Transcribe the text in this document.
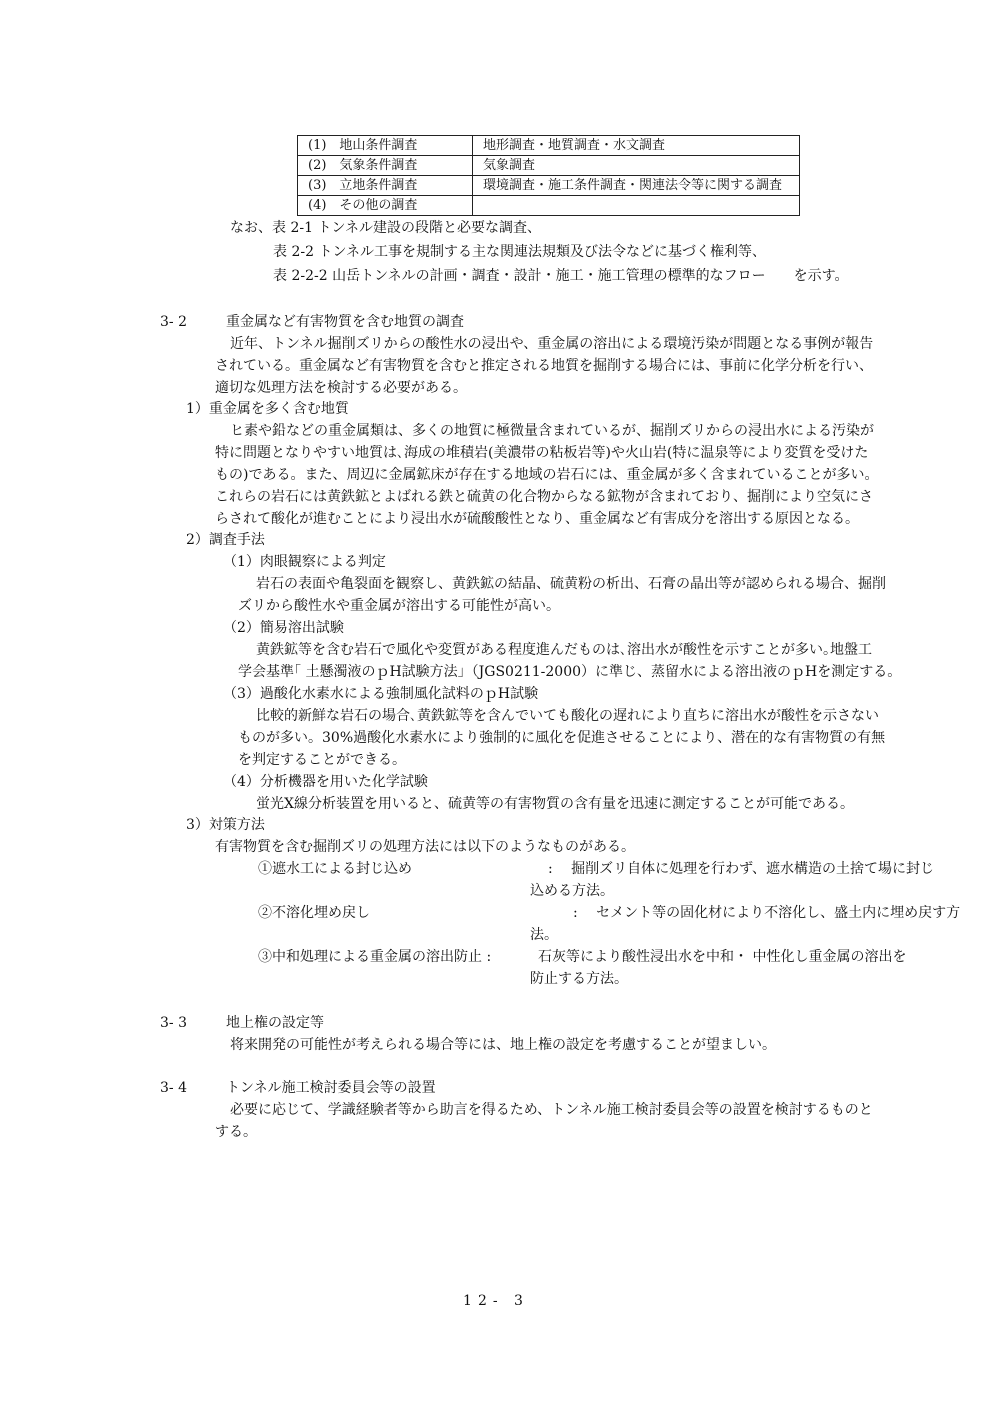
(1)　地山条件調査	地形調査・地質調査・水文調査
(2)　気象条件調査	気象調査
(3)　立地条件調査	環境調査・施工条件調査・関連法令等に関する調査
(4)　その他の調査	
なお、表 2-1 トンネル建設の段階と必要な調査、
表 2-2 トンネル工事を規制する主な関連法規類及び法令などに基づく権利等、
表 2-2-2 山岳トンネルの計画・調査・設計・施工・施工管理の標準的なフロー　　を示す。
3- 2	重金属など有害物質を含む地質の調査
近年、トンネル掘削ズリからの酸性水の浸出や、重金属の溶出による環境汚染が問題となる事例が報告
されている。重金属など有害物質を含むと推定される地質を掘削する場合には、事前に化学分析を行い、
適切な処理方法を検討する必要がある。
1）重金属を多く含む地質
ヒ素や鉛などの重金属類は、多くの地質に極微量含まれているが、掘削ズリからの浸出水による汚染が
特に問題となりやすい地質は､海成の堆積岩(美濃帯の粘板岩等)や火山岩(特に温泉等により変質を受けた
もの)である。また、周辺に金属鉱床が存在する地域の岩石には、重金属が多く含まれていることが多い。
これらの岩石には黄鉄鉱とよばれる鉄と硫黄の化合物からなる鉱物が含まれており、掘削により空気にさ
らされて酸化が進むことにより浸出水が硫酸酸性となり、重金属など有害成分を溶出する原因となる。
2）調査手法
（1）肉眼観察による判定
岩石の表面や亀裂面を観察し、黄鉄鉱の結晶、硫黄粉の析出、石膏の晶出等が認められる場合、掘削
ズリから酸性水や重金属が溶出する可能性が高い。
（2）簡易溶出試験
黄鉄鉱等を含む岩石で風化や変質がある程度進んだものは､溶出水が酸性を示すことが多い｡地盤工
学会基準｢ 土懸濁液のｐH試験方法｣（JGS0211-2000）に準じ、蒸留水による溶出液のｐHを測定する。
（3）過酸化水素水による強制風化試料のｐH試験
比較的新鮮な岩石の場合､黄鉄鉱等を含んでいても酸化の遅れにより直ちに溶出水が酸性を示さない
ものが多い。30%過酸化水素水により強制的に風化を促進させることにより、潜在的な有害物質の有無
を判定することができる。
（4）分析機器を用いた化学試験
蛍光X線分析装置を用いると、硫黄等の有害物質の含有量を迅速に測定することが可能である。
3）対策方法
有害物質を含む掘削ズリの処理方法には以下のようなものがある。
①遮水工による封じ込め	:　 掘削ズリ自体に処理を行わず、遮水構造の土捨て場に封じ
込める方法。
②不溶化埋め戻し	:　 セメント等の固化材により不溶化し、盛土内に埋め戻す方
法。
③中和処理による重金属の溶出防止 :	石灰等により酸性浸出水を中和・ 中性化し重金属の溶出を
防止する方法。
3- 3	地上権の設定等
将来開発の可能性が考えられる場合等には、地上権の設定を考慮することが望ましい。
3- 4	トンネル施工検討委員会等の設置
必要に応じて、学識経験者等から助言を得るため、トンネル施工検討委員会等の設置を検討するものと
する。
12- 3
